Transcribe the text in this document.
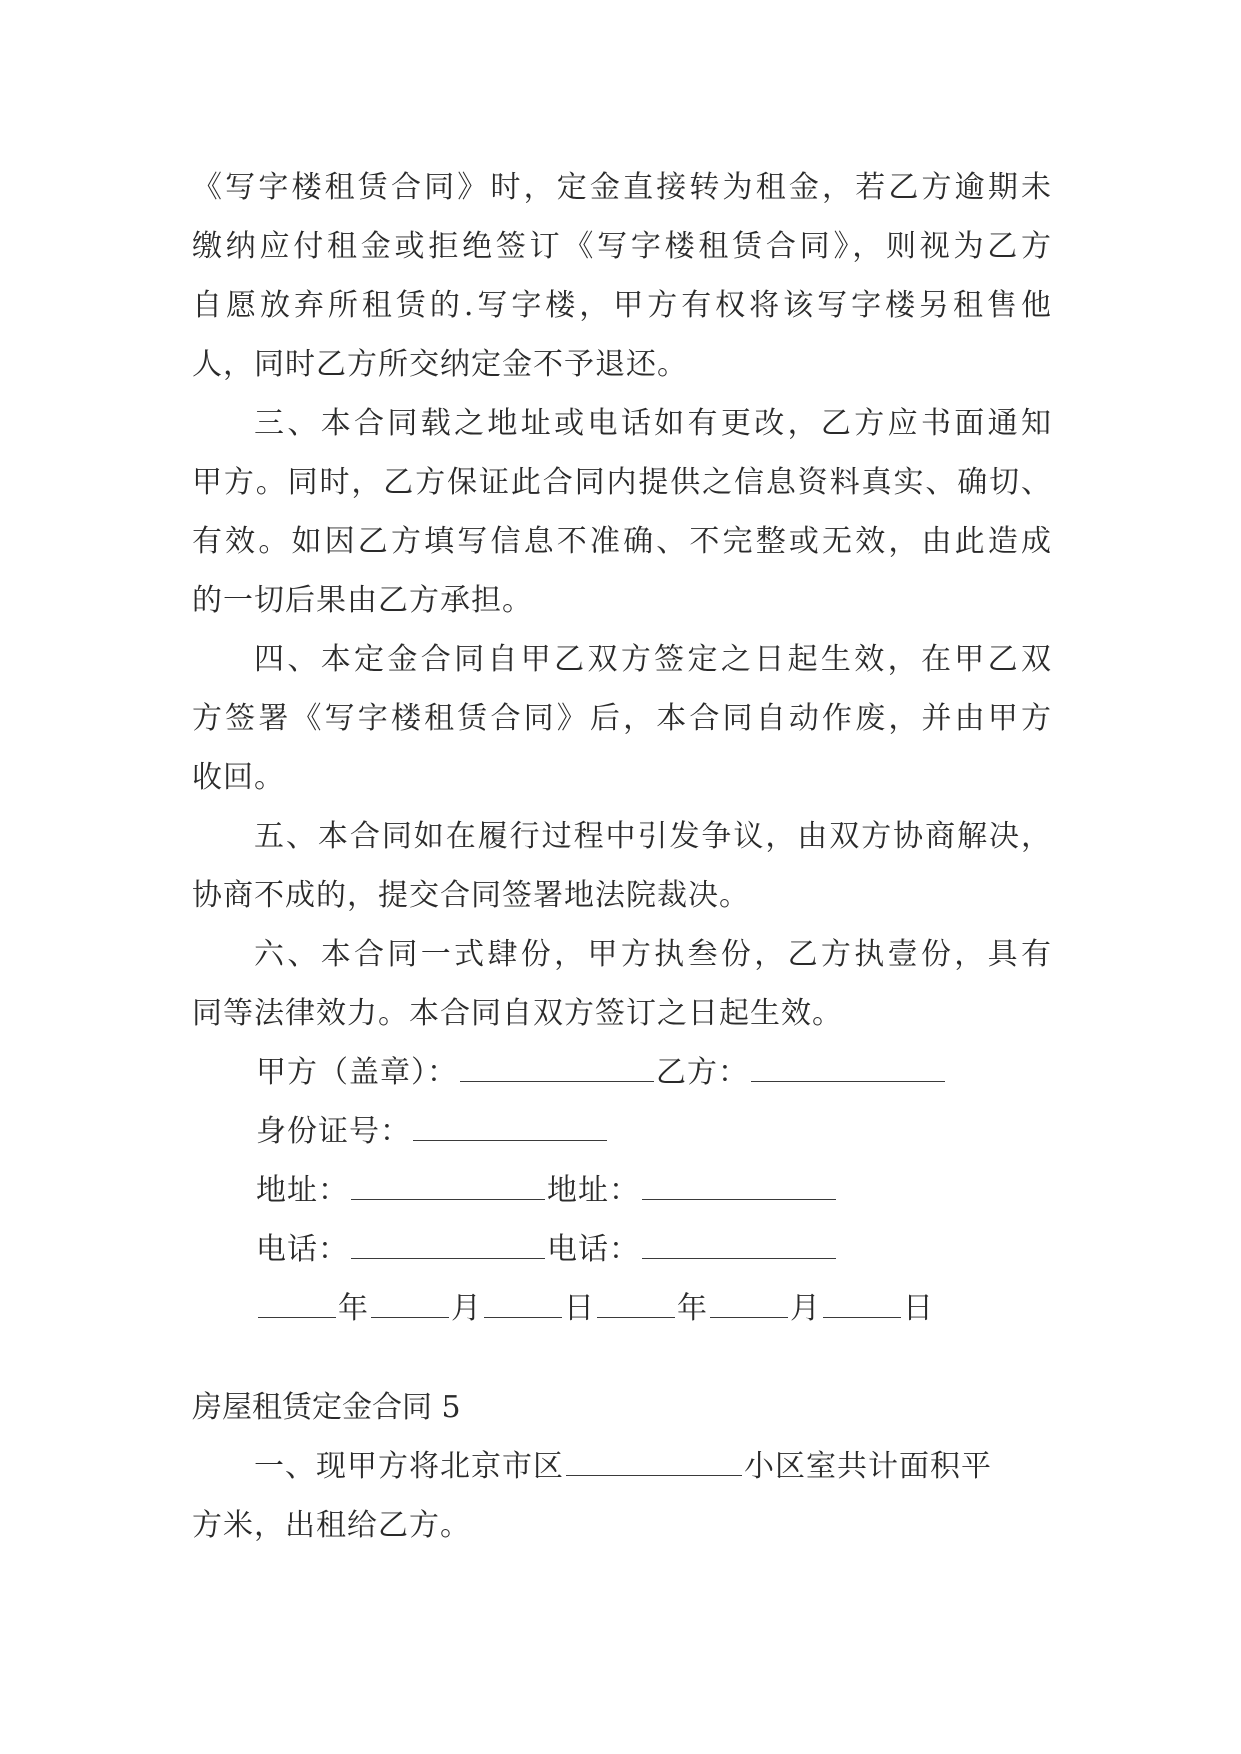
《写字楼租赁合同》时，定金直接转为租金，若乙方逾期未
缴纳应付租金或拒绝签订《写字楼租赁合同》，则视为乙方
自愿放弃所租赁的.写字楼，甲方有权将该写字楼另租售他
人，同时乙方所交纳定金不予退还。
三、本合同载之地址或电话如有更改，乙方应书面通知
甲方。同时，乙方保证此合同内提供之信息资料真实、确切、
有效。如因乙方填写信息不准确、不完整或无效，由此造成
的一切后果由乙方承担。
四、本定金合同自甲乙双方签定之日起生效，在甲乙双
方签署《写字楼租赁合同》后，本合同自动作废，并由甲方
收回。
五、本合同如在履行过程中引发争议，由双方协商解决，
协商不成的，提交合同签署地法院裁决。
六、本合同一式肆份，甲方执叁份，乙方执壹份，具有
同等法律效力。本合同自双方签订之日起生效。
甲方（盖章）：	乙方：
身份证号：
地址：	地址：
电话：	电话：
年	月	日	年	月	日
房屋租赁定金合同 5
一、现甲方将北京市区	小区室共计面积平
方米，出租给乙方。
